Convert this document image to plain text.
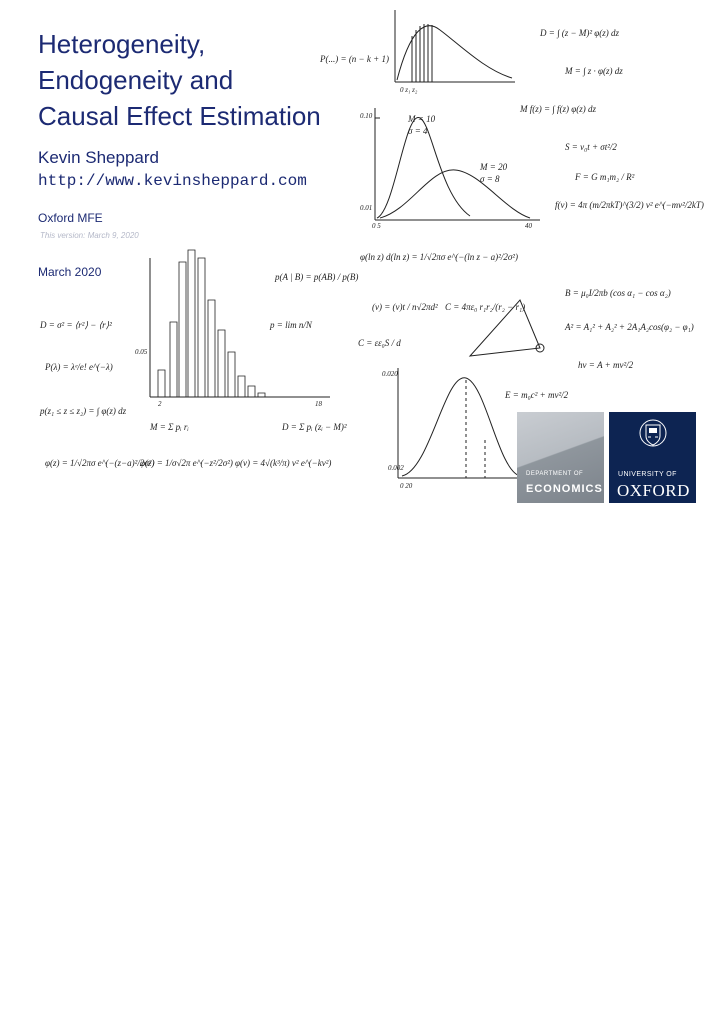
D = ∫ (z − M)² φ(z) dz
M = ∫ z · φ(z) dz
M f(z) = ∫ f(z) φ(z) dz
S = v₀t + σt²/2
F = G m₁m₂ / R²
f(v) = 4π (m/2πkT)^(3/2) v² e^(−mv²/2kT)
P(...) = (n − k + 1)
M = 10
σ = 4
M = 20
σ = 8
φ(ln z) d(ln z) = 1/√2πσ e^(−(ln z − a)²/2σ²)
p(A | B) = p(AB) / p(B)
p = lim n/N
(v) = (v)t / n√2πd² C = 4πε₀ r₁r₂/(r₂ − r₁)
B = μ₀I/2πb (cos α₁ − cos α₂)
A² = A₁² + A₂² + 2A₁A₂cos(φ₂ − φ₁)
C = εε₀S / d
hν = A + mv²/2
E = m₀c² + mv²/2
D = σ² = ⟨r²⟩ − ⟨r⟩²
P(λ) = λᵉ/e! e^(−λ)
p(z₁ ≤ z ≤ z₂) = ∫ φ(z) dz
M = Σ pᵢ rᵢ	D = Σ pᵢ (zᵢ − M)²
φ(z) = 1/√2πσ e^(−(z−a)²/2σ²)
φ(z) = 1/σ√2π e^(−z²/2σ²) φ(v) = 4√(k³/π) v² e^(−kv²)
0 z₁ z₂
0.10
0.01
0 5	40
0.05
2	18
0.020
0.002
0 20
Heterogeneity,
Endogeneity and
Causal Effect Estimation
Kevin Sheppard
http://www.kevinsheppard.com
Oxford MFE
This version: March 9, 2020
March 2020
DEPARTMENT OF
ECONOMICS
UNIVERSITY OF
OXFORD
